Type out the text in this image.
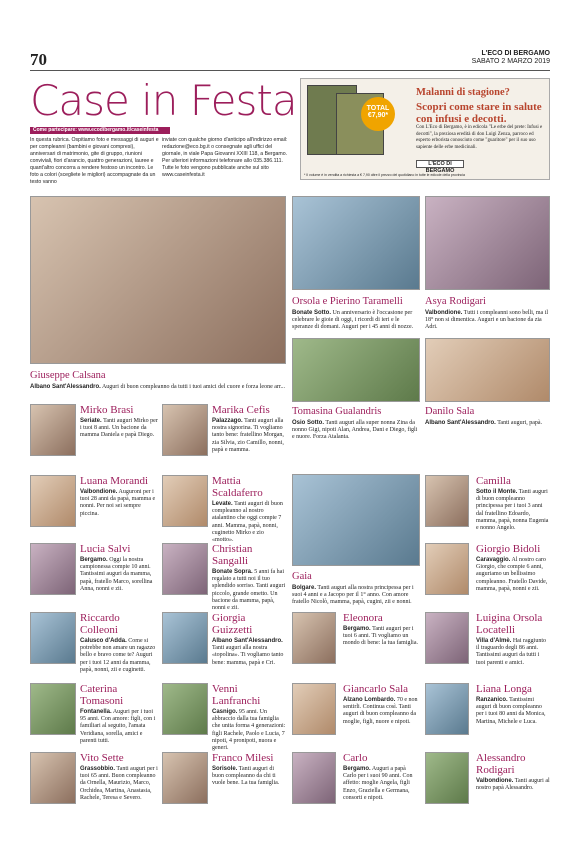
70	L'ECO DI BERGAMO
SABATO 2 MARZO 2019
Case in Festa
Come partecipare: www.ecodibergamo.it/caseinfesta
In questa rubrica. Ospitiamo foto e messaggi di auguri e per compleanni (bambini e giovani compresi), anniversari di matrimonio, gite di gruppo, riunioni conviviali, fiori d'arancio, quattro generazioni, lauree e quant'altro concorra a rendere festoso un incontro. Le foto a colori (scegliete le migliori) accompagnate da un testo vanno
inviate con qualche giorno d'anticipo all'indirizzo email: redazione@eco.bg.it o consegnate agli uffici del giornale, in viale Papa Giovanni XXIII 118, a Bergamo. Per ulteriori informazioni telefonare allo 035.386.111. Tutte le foto vengono pubblicate anche sul sito www.caseinfesta.it
TOTAL €7,90*
Malanni di stagione?
Scopri come stare in salute con infusi e decotti.
Con L'Eco di Bergamo, è in edicola "Le erbe del prete: Infusi e decotti", la preziosa eredità di don Luigi Zenza, parroco ed esperto erborista conosciuto come "guaritore" per il suo uso sapiente delle erbe medicinali.
L'ECO DI BERGAMO
* Il volume è in vendita a richiesta a € 7,90 oltre il prezzo del quotidiano in tutte le edicole della provincia
Giuseppe Calsana
Albano Sant'Alessandro. Auguri di buon compleanno da tutti i tuoi amici del cuore e forza leone arr...
Orsola e Pierino Taramelli
Bonate Sotto. Un anniversario è l'occasione per celebrare le gioie di oggi, i ricordi di ieri e le speranze di domani. Auguri per i 45 anni di nozze.
Asya Rodigari
Valbondione. Tutti i compleanni sono belli, ma il 18° non si dimentica. Auguri e un bacione da zia Adri.
Tomasina Gualandris
Osio Sotto. Tanti auguri alla super nonna Zina da nonno Gigi, nipoti Alan, Andrea, Dani e Diego, figli e nuore. Forza Atalanta.
Danilo Sala
Albano Sant'Alessandro. Tanti auguri, papà.
Gaia
Bolgare. Tanti auguri alla nostra principessa per i suoi 4 anni e a Jacopo per il 1° anno. Con amore fratello Nicolò, mamma, papà, cugini, zii e nonni.
Mirko Brasi
Seriate. Tanti auguri Mirko per i tuoi 8 anni. Un bacione da mamma Daniela e papà Diego.
Luana Morandi
Valbondione. Auguroni per i tuoi 28 anni da papà, mamma e nonni. Per noi sei sempre piccina.
Lucia Salvi
Bergamo. Oggi la nostra campionessa compie 10 anni. Tantissimi auguri da mamma, papà, fratello Marco, sorellina Anna, nonni e zii.
Riccardo Colleoni
Calusco d'Adda. Come si potrebbe non amare un ragazzo bello e bravo come te? Auguri per i tuoi 12 anni da mamma, papà, nonni, zii e cuginetti.
Caterina Tomasoni
Fontanella. Auguri per i tuoi 95 anni. Con amore: figli, con i familiari al seguito, l'amata Veridiana, sorella, amici e parenti tutti.
Vito Sette
Grassobbio. Tanti auguri per i tuoi 65 anni. Buon compleanno da Ornella, Maurizio, Marco, Orchidea, Martina, Anastasia, Rachele, Teresa e Severo.
Marika Cefis
Palazzago. Tanti auguri alla nostra signorina. Ti vogliamo tanto bene: fratellino Morgan, zia Silvia, zio Camillo, nonni, papà e mamma.
Mattia Scaldaferro
Levate. Tanti auguri di buon compleanno al nostro atalantino che oggi compie 7 anni. Mamma, papà, nonni, cuginetto Mirko e zio «motto».
Christian Sangalli
Bonate Sopra. 5 anni fa hai regalato a tutti noi il tuo splendido sorriso. Tanti auguri piccolo, grande ometto. Un bacione da mamma, papà, nonni e zii.
Giorgia Guizzetti
Albano Sant'Alessandro. Tanti auguri alla nostra «topolina». Ti vogliamo tanto bene: mamma, papà e Cri.
Venni Lanfranchi
Casnigo. 95 anni. Un abbraccio dalla tua famiglia che unita forma 4 generazioni: figli Rachele, Paolo e Lucia, 7 nipoti, 4 pronipoti, nuora e generi.
Franco Milesi
Sorisole. Tanti auguri di buon compleanno da chi ti vuole bene. La tua famiglia.
Eleonora
Bergamo. Tanti auguri per i tuoi 6 anni. Ti vogliamo un mondo di bene: la tua famiglia.
Giancarlo Sala
Alzano Lombardo. 70 e non sentirli. Continua così. Tanti auguri di buon compleanno da moglie, figli, nuore e nipoti.
Carlo
Bergamo. Auguri a papà Carlo per i suoi 90 anni. Con affetto: moglie Angela, figli Enzo, Graziella e Germana, consorti e nipoti.
Camilla
Sotto il Monte. Tanti auguri di buon compleanno principessa per i tuoi 3 anni dal fratellino Edoardo, mamma, papà, nonna Eugenia e nonno Angelo.
Giorgio Bidoli
Caravaggio. Al nostro caro Giorgio, che compie 6 anni, auguriamo un bellissimo compleanno. Fratello Davide, mamma, papà, nonni e zii.
Luigina Orsola Locatelli
Villa d'Almè. Hai raggiunto il traguardo degli 86 anni. Tantissimi auguri da tutti i tuoi parenti e amici.
Liana Longa
Ranzanico. Tantissimi auguri di buon compleanno per i tuoi 80 anni da Monica, Martina, Michele e Luca.
Alessandro Rodigari
Valbondione. Tanti auguri al nostro papà Alessandro.
